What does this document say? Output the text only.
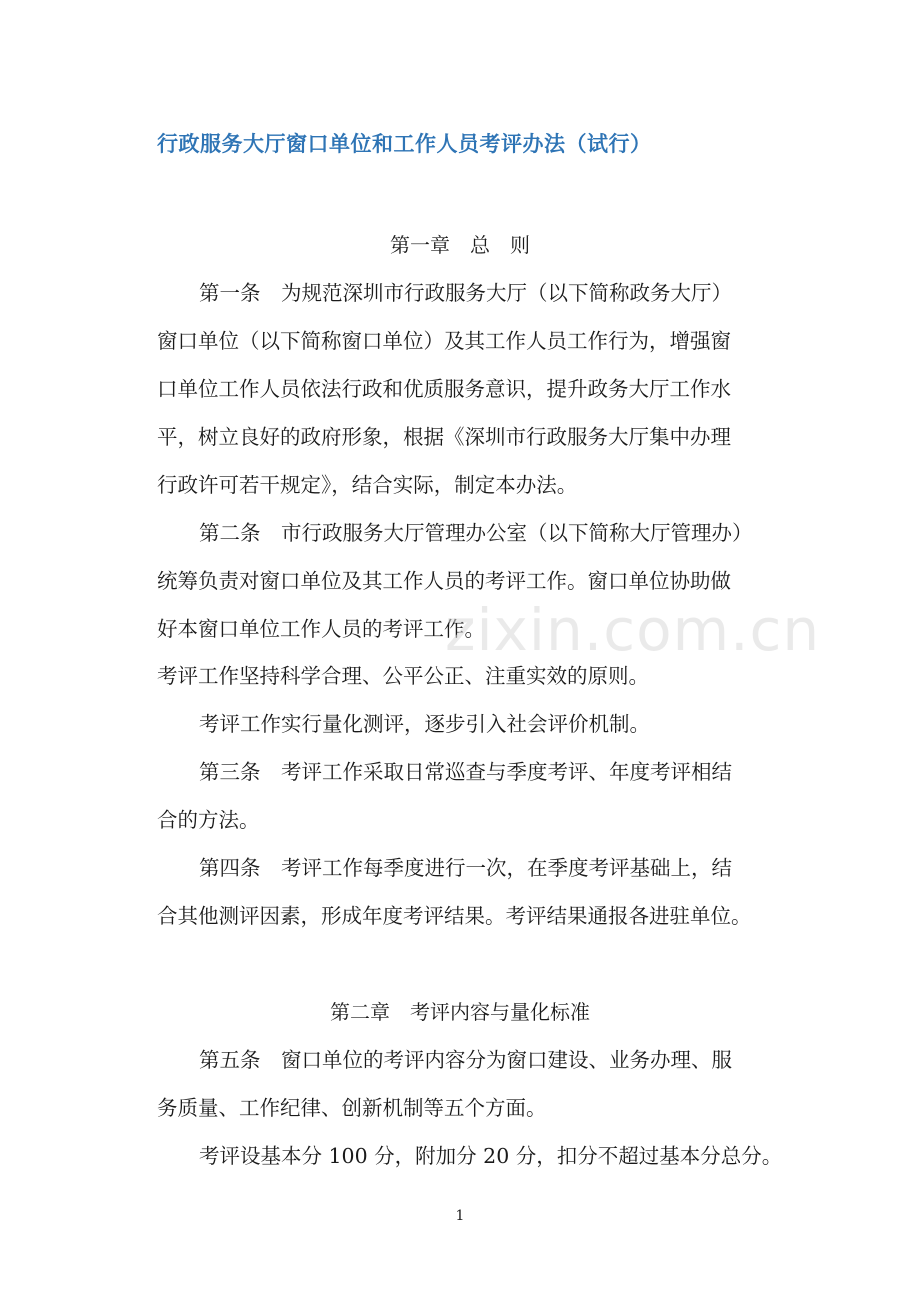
行政服务大厅窗口单位和工作人员考评办法（试行）
第一章　总　则
第一条　为规范深圳市行政服务大厅（以下简称政务大厅）
窗口单位（以下简称窗口单位）及其工作人员工作行为，增强窗
口单位工作人员依法行政和优质服务意识，提升政务大厅工作水
平，树立良好的政府形象，根据《深圳市行政服务大厅集中办理
行政许可若干规定》，结合实际，制定本办法。
第二条　市行政服务大厅管理办公室（以下简称大厅管理办）
统筹负责对窗口单位及其工作人员的考评工作。窗口单位协助做
好本窗口单位工作人员的考评工作。
考评工作坚持科学合理、公平公正、注重实效的原则。
考评工作实行量化测评，逐步引入社会评价机制。
第三条　考评工作采取日常巡查与季度考评、年度考评相结
合的方法。
第四条　考评工作每季度进行一次，在季度考评基础上，结
合其他测评因素，形成年度考评结果。考评结果通报各进驻单位。
第二章　考评内容与量化标准
第五条　窗口单位的考评内容分为窗口建设、业务办理、服
务质量、工作纪律、创新机制等五个方面。
考评设基本分 100 分，附加分 20 分，扣分不超过基本分总分。
zixin.com.cn
1
